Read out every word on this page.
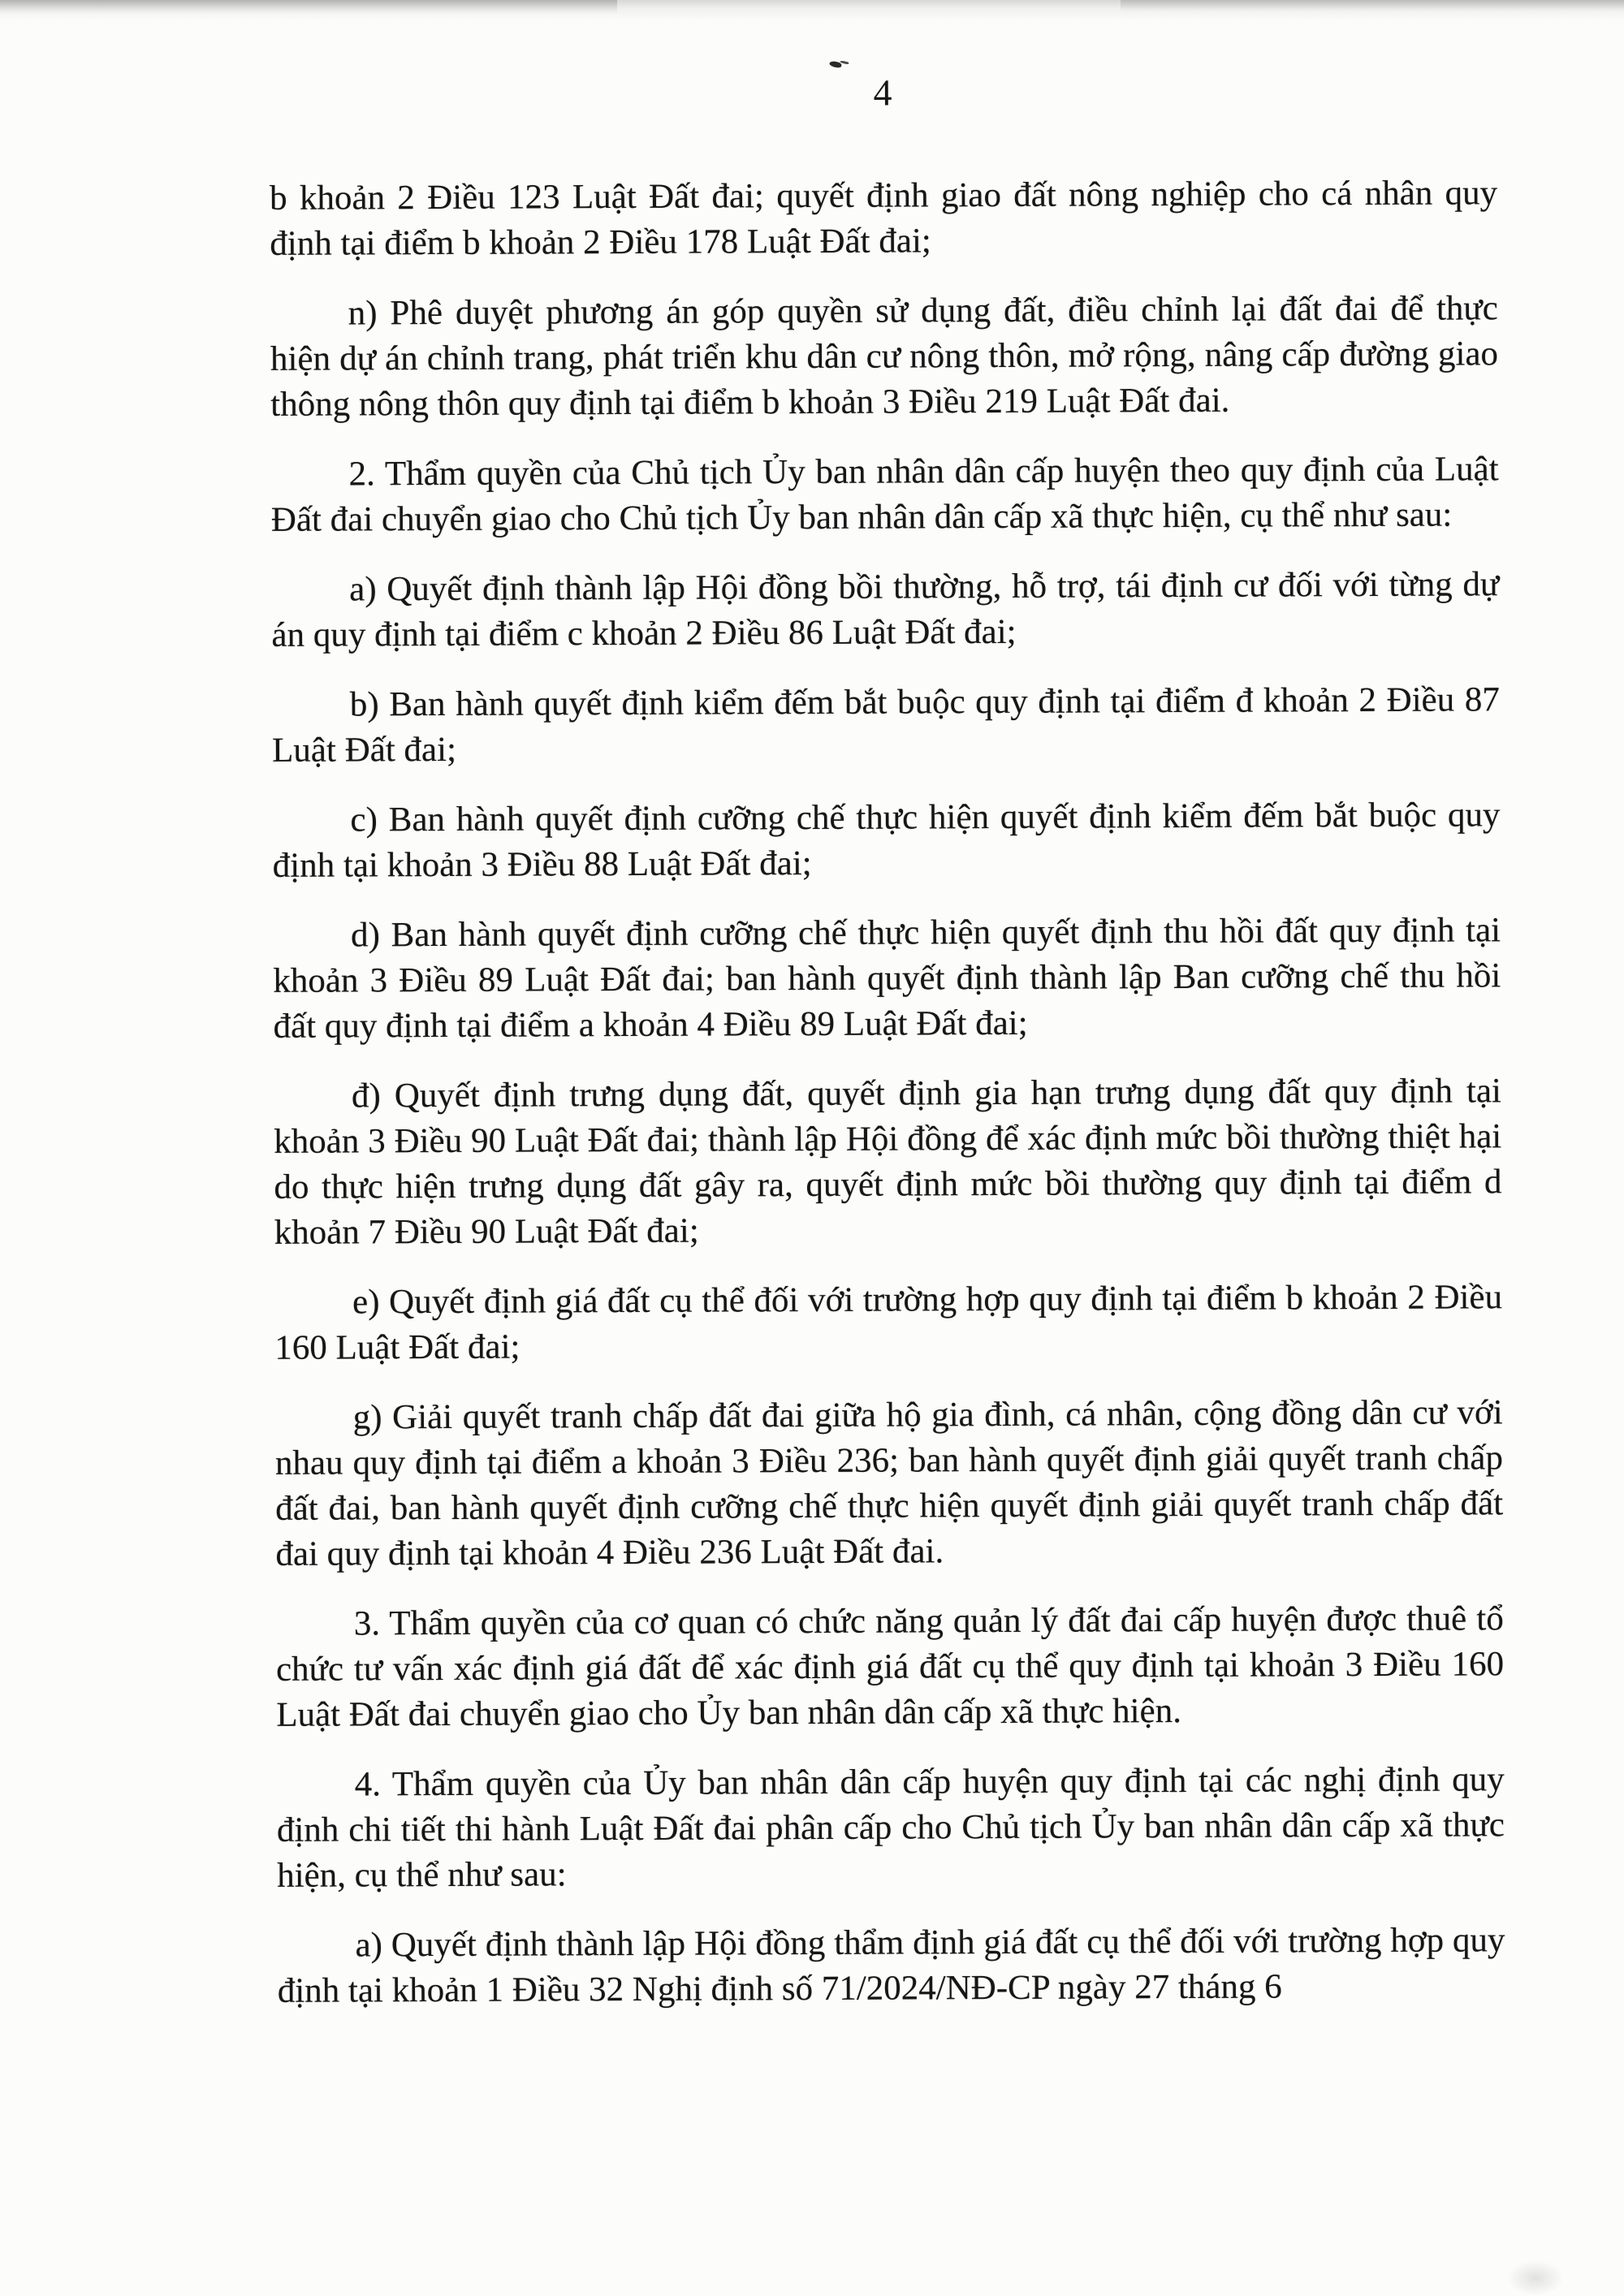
4

b khoản 2 Điều 123 Luật Đất đai; quyết định giao đất nông nghiệp cho cá nhân quy định tại điểm b khoản 2 Điều 178 Luật Đất đai;

n) Phê duyệt phương án góp quyền sử dụng đất, điều chỉnh lại đất đai để thực hiện dự án chỉnh trang, phát triển khu dân cư nông thôn, mở rộng, nâng cấp đường giao thông nông thôn quy định tại điểm b khoản 3 Điều 219 Luật Đất đai.

2. Thẩm quyền của Chủ tịch Ủy ban nhân dân cấp huyện theo quy định của Luật Đất đai chuyển giao cho Chủ tịch Ủy ban nhân dân cấp xã thực hiện, cụ thể như sau:

a) Quyết định thành lập Hội đồng bồi thường, hỗ trợ, tái định cư đối với từng dự án quy định tại điểm c khoản 2 Điều 86 Luật Đất đai;

b) Ban hành quyết định kiểm đếm bắt buộc quy định tại điểm đ khoản 2 Điều 87 Luật Đất đai;

c) Ban hành quyết định cưỡng chế thực hiện quyết định kiểm đếm bắt buộc quy định tại khoản 3 Điều 88 Luật Đất đai;

d) Ban hành quyết định cưỡng chế thực hiện quyết định thu hồi đất quy định tại khoản 3 Điều 89 Luật Đất đai; ban hành quyết định thành lập Ban cưỡng chế thu hồi đất quy định tại điểm a khoản 4 Điều 89 Luật Đất đai;

đ) Quyết định trưng dụng đất, quyết định gia hạn trưng dụng đất quy định tại khoản 3 Điều 90 Luật Đất đai; thành lập Hội đồng để xác định mức bồi thường thiệt hại do thực hiện trưng dụng đất gây ra, quyết định mức bồi thường quy định tại điểm d khoản 7 Điều 90 Luật Đất đai;

e) Quyết định giá đất cụ thể đối với trường hợp quy định tại điểm b khoản 2 Điều 160 Luật Đất đai;

g) Giải quyết tranh chấp đất đai giữa hộ gia đình, cá nhân, cộng đồng dân cư với nhau quy định tại điểm a khoản 3 Điều 236; ban hành quyết định giải quyết tranh chấp đất đai, ban hành quyết định cưỡng chế thực hiện quyết định giải quyết tranh chấp đất đai quy định tại khoản 4 Điều 236 Luật Đất đai.

3. Thẩm quyền của cơ quan có chức năng quản lý đất đai cấp huyện được thuê tổ chức tư vấn xác định giá đất để xác định giá đất cụ thể quy định tại khoản 3 Điều 160 Luật Đất đai chuyển giao cho Ủy ban nhân dân cấp xã thực hiện.

4. Thẩm quyền của Ủy ban nhân dân cấp huyện quy định tại các nghị định quy định chi tiết thi hành Luật Đất đai phân cấp cho Chủ tịch Ủy ban nhân dân cấp xã thực hiện, cụ thể như sau:

a) Quyết định thành lập Hội đồng thẩm định giá đất cụ thể đối với trường hợp quy định tại khoản 1 Điều 32 Nghị định số 71/2024/NĐ-CP ngày 27 tháng 6
